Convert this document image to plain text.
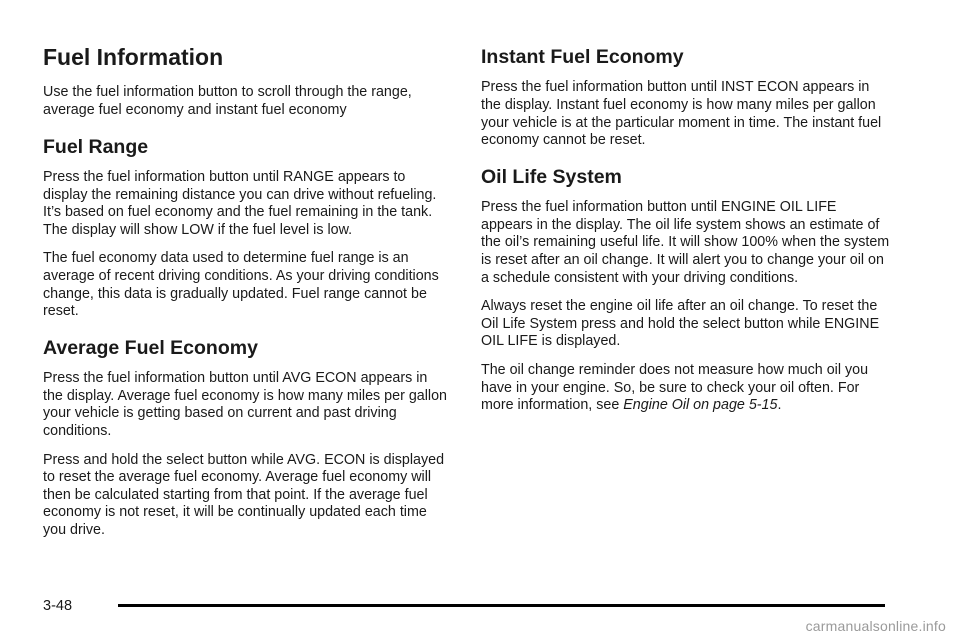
Fuel Information

Use the fuel information button to scroll through the range, average fuel economy and instant fuel economy

Fuel Range

Press the fuel information button until RANGE appears to display the remaining distance you can drive without refueling. It’s based on fuel economy and the fuel remaining in the tank. The display will show LOW if the fuel level is low.

The fuel economy data used to determine fuel range is an average of recent driving conditions. As your driving conditions change, this data is gradually updated. Fuel range cannot be reset.

Average Fuel Economy

Press the fuel information button until AVG ECON appears in the display. Average fuel economy is how many miles per gallon your vehicle is getting based on current and past driving conditions.

Press and hold the select button while AVG. ECON is displayed to reset the average fuel economy. Average fuel economy will then be calculated starting from that point. If the average fuel economy is not reset, it will be continually updated each time you drive.

Instant Fuel Economy

Press the fuel information button until INST ECON appears in the display. Instant fuel economy is how many miles per gallon your vehicle is at the particular moment in time. The instant fuel economy cannot be reset.

Oil Life System

Press the fuel information button until ENGINE OIL LIFE appears in the display. The oil life system shows an estimate of the oil’s remaining useful life. It will show 100% when the system is reset after an oil change. It will alert you to change your oil on a schedule consistent with your driving conditions.

Always reset the engine oil life after an oil change. To reset the Oil Life System press and hold the select button while ENGINE OIL LIFE is displayed.

The oil change reminder does not measure how much oil you have in your engine. So, be sure to check your oil often. For more information, see Engine Oil on page 5-15.

3-48
carmanualsonline.info
